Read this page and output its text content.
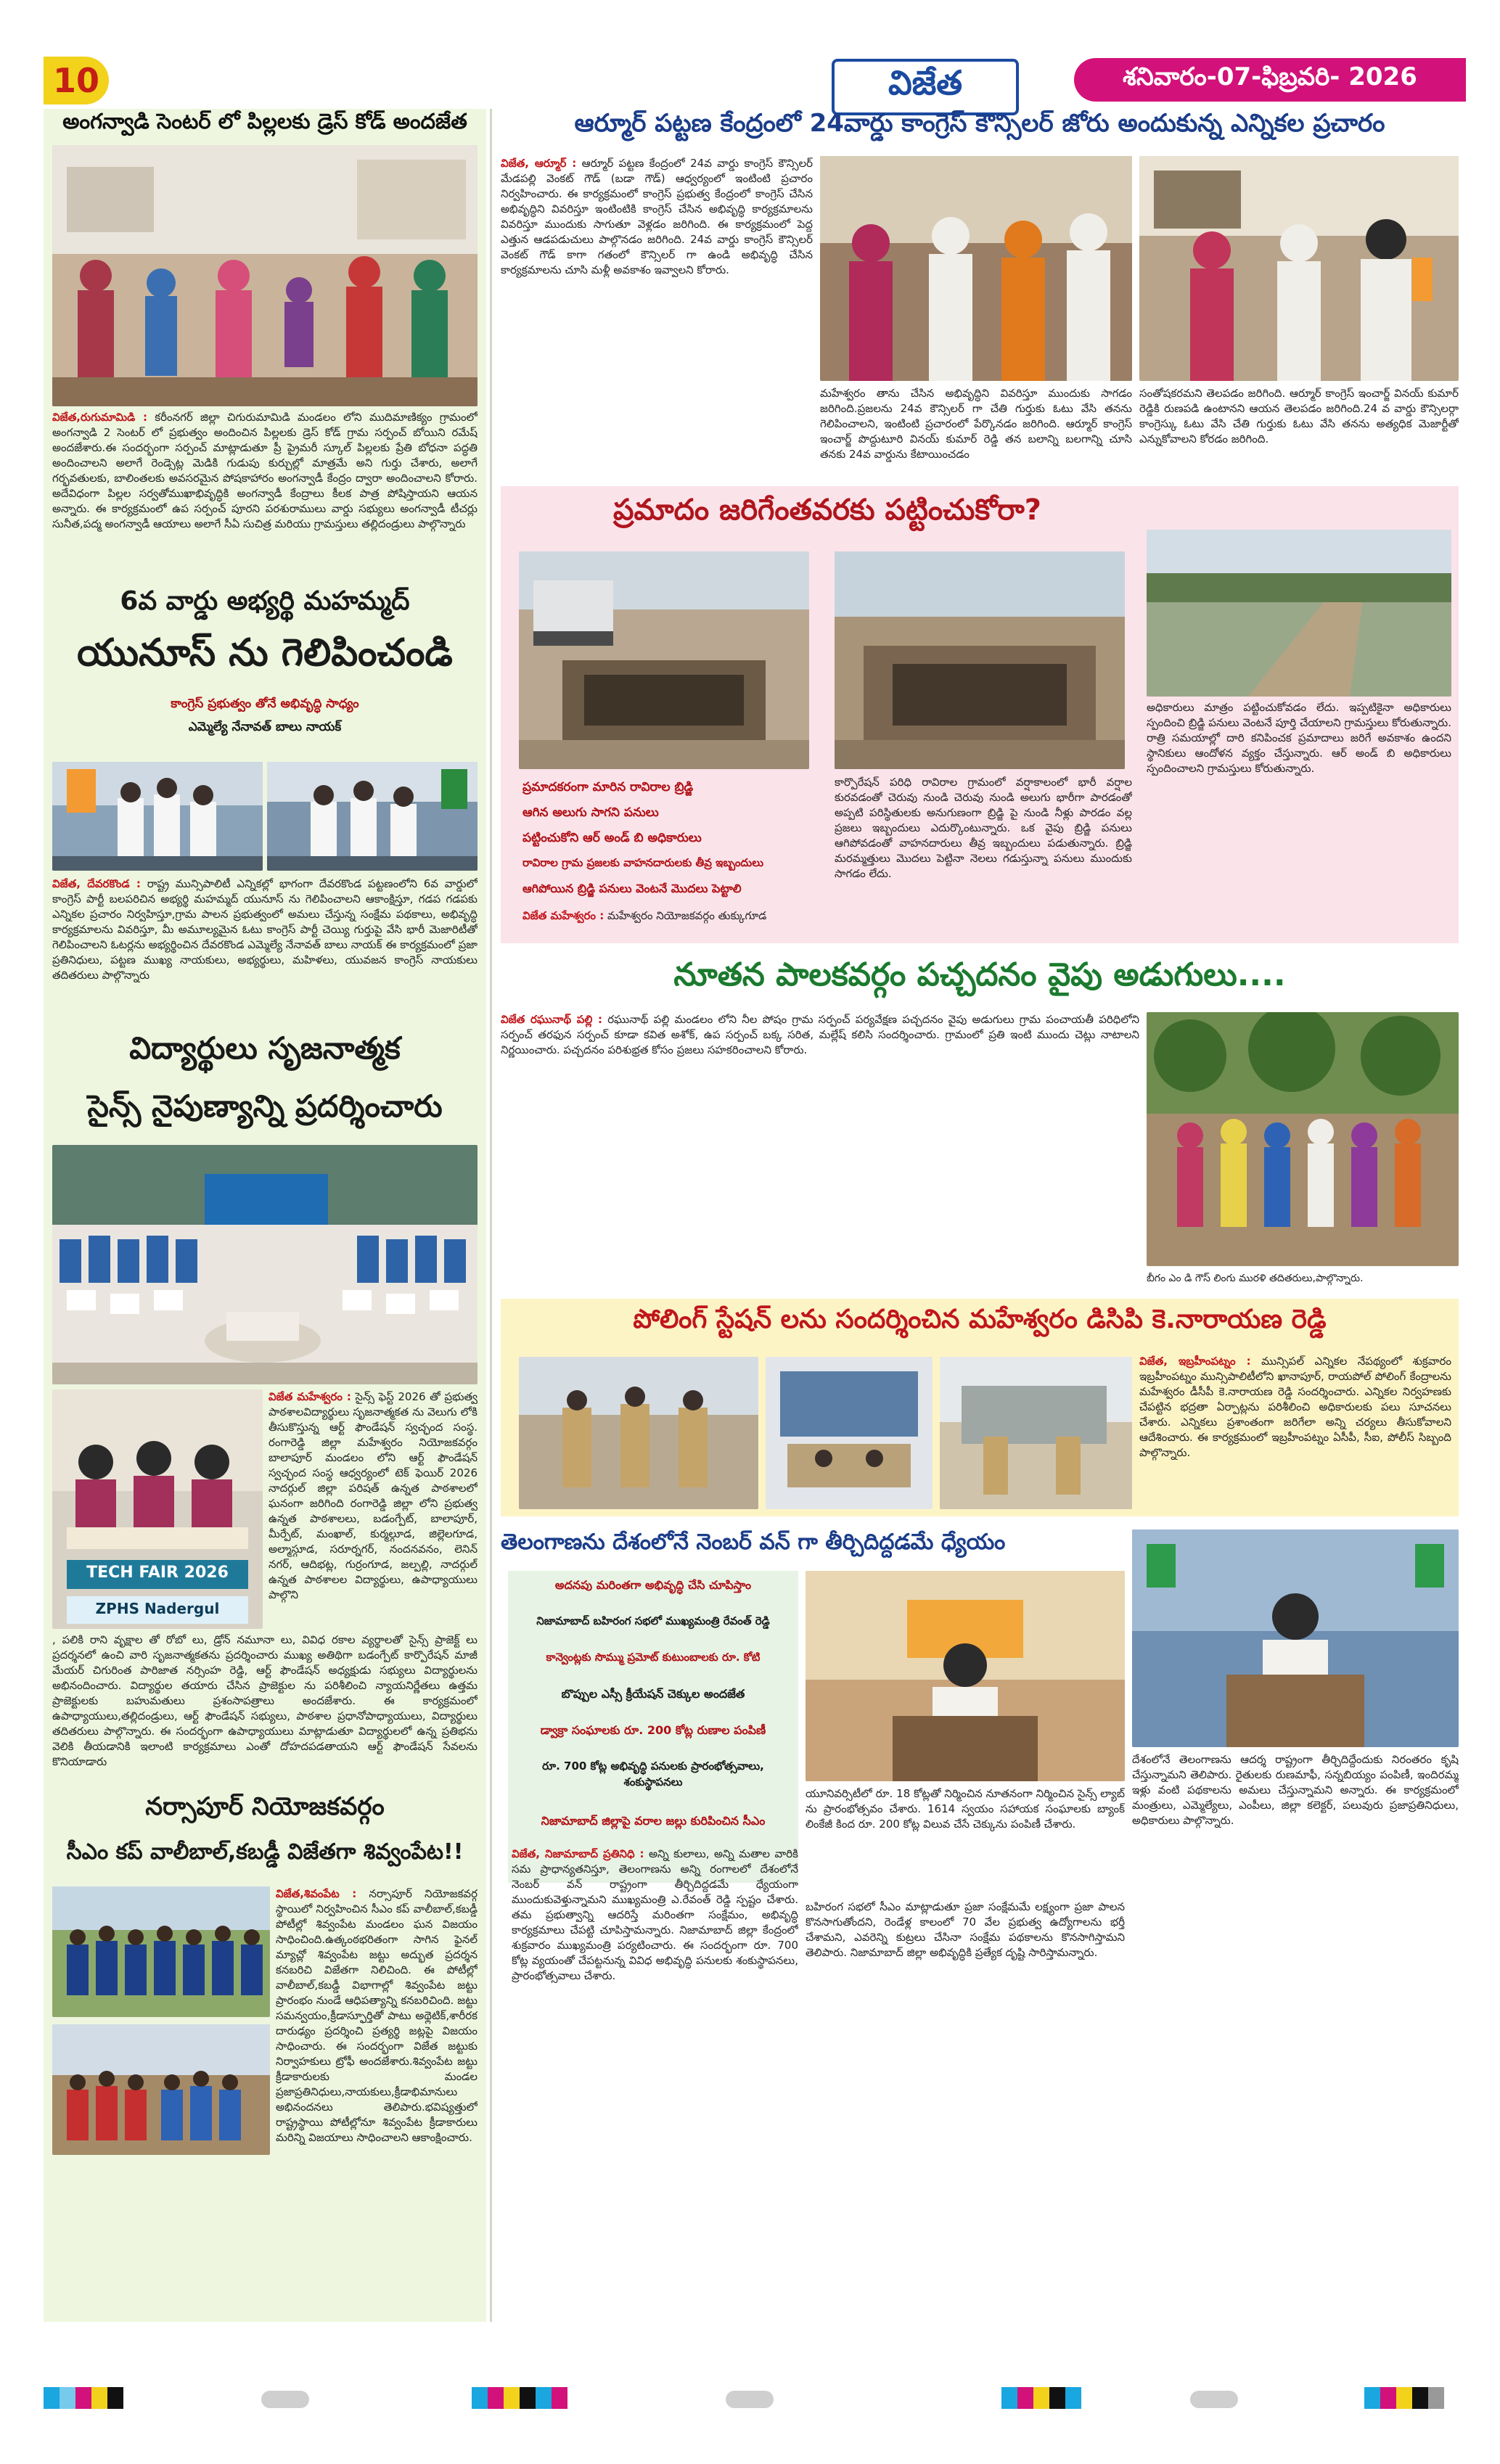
10	విజేత	శనివారం-07-ఫిబ్రవరి- 2026
అంగన్వాడి సెంటర్ లో పిల్లలకు డ్రెస్ కోడ్ అందజేత
విజేత,రుగుమామిడి : కరీంనగర్ జిల్లా చిగురుమామిడి మండలం లోని ముదిమాణిక్యం గ్రామంలో అంగన్వాడి 2 సెంటర్ లో ప్రభుత్వం అందించిన పిల్లలకు డ్రెస్ కోడ్ గ్రామ సర్పంచ్ బోయిని రమేష్ అందజేశారు.ఈ సందర్భంగా సర్పంచ్ మాట్లాడుతూ ప్రీ ప్రైమరీ స్కూల్ పిల్లలకు ప్రేతి బోధనా పద్ధతి అందించాలని అలాగే రెండ్సెట్ల మెడికి గుడుపు కుర్చుల్లో మాత్రమే అని గుర్తు చేశారు, అలాగే గర్భవతులకు, బాలింతలకు అవసరమైన పోషకాహారం అంగన్వాడీ కేంద్రం ద్వారా అందించాలని కోరారు. అదేవిధంగా పిల్లల సర్వతోముఖాభివృద్ధికి అంగన్వాడీ కేంద్రాలు కీలక పాత్ర పోషిస్తాయని ఆయన అన్నారు. ఈ కార్యక్రమంలో ఉప సర్పంచ్ పూరని పరశురాములు వార్డు సభ్యులు అంగన్వాడీ టీచర్లు సునీత,పద్మ అంగన్వాడీ ఆయాలు అలాగే సీఏ సుచిత్ర మరియు గ్రామస్తులు తల్లిదండ్రులు పాల్గొన్నారు
6వ వార్డు అభ్యర్థి మహమ్మద్
యునూస్ ను గెలిపించండి
కాంగ్రెస్ ప్రభుత్వం తోనే అభివృద్ధి సాధ్యం
ఎమ్మెల్యే నేనావత్ బాలు నాయక్
విజేత, దేవరకొండ : రాష్ట్ర మున్సిపాలిటీ ఎన్నికల్లో భాగంగా దేవరకొండ పట్టణంలోని 6వ వార్డులో కాంగ్రెస్ పార్టీ బలపరిచిన అభ్యర్థి మహమ్మద్ యునూస్ ను గెలిపించాలని ఆకాంక్షిస్తూ, గడప గడపకు ఎన్నికల ప్రచారం నిర్వహిస్తూ,గ్రామ పాలన ప్రభుత్వంలో అమలు చేస్తున్న సంక్షేమ పథకాలు, అభివృద్ధి కార్యక్రమాలను వివరిస్తూ, మీ అమూల్యమైన ఓటు కాంగ్రెస్ పార్టీ చెయ్యి గుర్తుపై వేసి భారీ మెజారిటీతో గెలిపించాలని ఓటర్లను అభ్యర్థించిన దేవరకొండ ఎమ్మెల్యే నేనావత్ బాలు నాయక్ ఈ కార్యక్రమంలో ప్రజా ప్రతినిధులు, పట్టణ ముఖ్య నాయకులు, అభ్యర్థులు, మహిళలు, యువజన కాంగ్రెస్ నాయకులు తదితరులు పాల్గొన్నారు
విద్యార్థులు సృజనాత్మక
సైన్స్ నైపుణ్యాన్ని ప్రదర్శించారు
TECH FAIR 2026
ZPHS Nadergul
విజేత మహేశ్వరం : సైన్స్ ఫెస్ట్ 2026 తో ప్రభుత్వ పాఠశాలవిద్యార్థులు సృజనాత్మకత ను వెలుగు లోకి తీసుకొస్తున్న ఆర్ట్ ఫౌండేషన్ స్వచ్ఛంద సంస్థ. రంగారెడ్డి జిల్లా మహేశ్వరం నియోజకవర్గం బాలాపూర్ మండలం లోని ఆర్ట్ ఫౌండేషన్ స్వచ్ఛంద సంస్థ ఆధ్వర్యంలో టెక్ ఫెయిర్ 2026 నాదర్గుల్ జిల్లా పరిషత్ ఉన్నత పాఠశాలలో ఘనంగా జరిగింది రంగారెడ్డి జిల్లా లోని ప్రభుత్వ ఉన్నత పాఠశాలలు, బడంగ్పేట్, బాలాపూర్, మీర్పేట్, మంఖాల్, కుర్మల్గూడ, జిల్లెలగూడ, అల్మాస్గూడ, సరూర్నగర్, నందనవనం, లెనిన్ నగర్, ఆదిభట్ల, గుర్రంగూడ, జల్పల్లి, నాదర్గుల్ ఉన్నత పాఠశాలల విద్యార్థులు, ఉపాధ్యాయులు పాల్గొని
, పలికి రాని వృక్షాల తో రోబో లు, డ్రోన్ నమూనా లు, వివిధ రకాల వ్యర్థాలతో సైన్స్ ప్రాజెక్ట్ లు ప్రదర్శనలో ఉంచి వారి సృజనాత్మకతను ప్రదర్శించారు ముఖ్య అతిథిగా బడంగ్పేట్ కార్పొరేషన్ మాజీ మేయర్ చిగురింత పారిజాత నర్సింహ రెడ్డి, ఆర్ట్ ఫౌండేషన్ అధ్యక్షుడు సభ్యులు విద్యార్థులను అభినందించారు. విద్యార్థుల తయారు చేసిన ప్రాజెక్టుల ను పరిశీలించి న్యాయనిర్ణేతలు ఉత్తమ ప్రాజెక్టులకు బహుమతులు ప్రశంసాపత్రాలు అందజేశారు. ఈ కార్యక్రమంలో ఉపాధ్యాయులు,తల్లిదండ్రులు, ఆర్ట్ ఫౌండేషన్ సభ్యులు, పాఠశాల ప్రధానోపాధ్యాయులు, విద్యార్థులు తదితరులు పాల్గొన్నారు. ఈ సందర్భంగా ఉపాధ్యాయులు మాట్లాడుతూ విద్యార్థులలో ఉన్న ప్రతిభను వెలికి తీయడానికి ఇలాంటి కార్యక్రమాలు ఎంతో దోహదపడతాయని ఆర్ట్ ఫౌండేషన్ సేవలను కొనియాడారు
నర్సాపూర్ నియోజకవర్గం
సీఎం కప్ వాలీబాల్,కబడ్డీ విజేతగా శివ్వంపేట!!
విజేత,శివంపేట : నర్సాపూర్ నియోజకవర్గ స్థాయిలో నిర్వహించిన సీఎం కప్ వాలీబాల్,కబడ్డీ పోటీల్లో శివ్వంపేట మండలం ఘన విజయం సాధించింది.ఉత్కంఠభరితంగా సాగిన ఫైనల్ మ్యాచ్లో శివ్వంపేట జట్టు అద్భుత ప్రదర్శన కనబరిచి విజేతగా నిలిచింది. ఈ పోటీల్లో వాలీబాల్,కబడ్డీ విభాగాల్లో శివ్వంపేట జట్టు ప్రారంభం నుండే ఆధిపత్యాన్ని కనబరిచింది. జట్టు సమన్వయం,క్రీడాస్ఫూర్తితో పాటు అథ్లెటిక్,శారీరక దారుఢ్యం ప్రదర్శించి ప్రత్యర్థి జట్లపై విజయం సాధించారు. ఈ సందర్భంగా విజేత జట్టుకు నిర్వాహకులు ట్రోఫీ అందజేశారు.శివ్వంపేట జట్టు క్రీడాకారులకు మండల ప్రజాప్రతినిధులు,నాయకులు,క్రీడాభిమానులు అభినందనలు తెలిపారు.భవిష్యత్తులో రాష్ట్రస్థాయి పోటీల్లోనూ శివ్వంపేట క్రీడాకారులు మరిన్ని విజయాలు సాధించాలని ఆకాంక్షించారు.
ఆర్మూర్ పట్టణ కేంద్రంలో 24వార్డు కాంగ్రెస్ కౌన్సిలర్ జోరు అందుకున్న ఎన్నికల ప్రచారం
విజేత, ఆర్మూర్ : ఆర్మూర్ పట్టణ కేంద్రంలో 24వ వార్డు కాంగ్రెస్ కౌన్సిలర్ మేడపల్లి వెంకట్ గౌడ్ (బడా గౌడ్) ఆధ్వర్యంలో ఇంటింటి ప్రచారం నిర్వహించారు. ఈ కార్యక్రమంలో కాంగ్రెస్ ప్రభుత్వ కేంద్రంలో కాంగ్రెస్ చేసిన అభివృద్ధిని వివరిస్తూ ఇంటింటికి కాంగ్రెస్ చేసిన అభివృద్ధి కార్యక్రమాలను వివరిస్తూ ముందుకు సాగుతూ వెళ్లడం జరిగింది. ఈ కార్యక్రమంలో పెద్ద ఎత్తున ఆడపడుచులు పాల్గొనడం జరిగింది. 24వ వార్డు కాంగ్రెస్ కౌన్సిలర్ వెంకట్ గౌడ్ కాగా గతంలో కౌన్సిలర్ గా ఉండి అభివృద్ధి చేసిన కార్యక్రమాలను చూసి మళ్లీ అవకాశం ఇవ్వాలని కోరారు.
మహేశ్వరం తాను చేసిన అభివృద్ధిని వివరిస్తూ ముందుకు సాగడం జరిగింది.ప్రజలను 24వ కౌన్సిలర్ గా చేతి గుర్తుకు ఓటు వేసి తనను గెలిపించాలని, ఇంటింటి ప్రచారంలో పేర్కొనడం జరిగింది. ఆర్మూర్ కాంగ్రెస్ ఇంచార్జ్ పొద్దుటూరి వినయ్ కుమార్ రెడ్డి తన బలాన్ని బలగాన్ని చూసి తనకు 24వ వార్డును కేటాయించడం
సంతోషకరమని తెలపడం జరిగింది. ఆర్మూర్ కాంగ్రెస్ ఇంచార్జ్ వినయ్ కుమార్ రెడ్డికి రుణపడి ఉంటానని ఆయన తెలపడం జరిగింది.24 వ వార్డు కౌన్సిలర్గా కాంగ్రెస్కు ఓటు వేసి చేతి గుర్తుకు ఓటు వేసి తనను అత్యధిక మెజార్టీతో ఎన్నుకోవాలని కోరడం జరిగింది.
ప్రమాదం జరిగేంతవరకు పట్టించుకోరా?
అధికారులు మాత్రం పట్టించుకోవడం లేదు. ఇప్పటికైనా అధికారులు స్పందించి బ్రిడ్జి పనులు వెంటనే పూర్తి చేయాలని గ్రామస్తులు కోరుతున్నారు. రాత్రి సమయాల్లో దారి కనిపించక ప్రమాదాలు జరిగే అవకాశం ఉందని స్థానికులు ఆందోళన వ్యక్తం చేస్తున్నారు. ఆర్ అండ్ బి అధికారులు స్పందించాలని గ్రామస్తులు కోరుతున్నారు.
ప్రమాదకరంగా మారిన రావిరాల బ్రిడ్జి
ఆగిన అలుగు సాగని పనులు
పట్టించుకోని ఆర్ అండ్ బి అధికారులు
రావిరాల గ్రామ ప్రజలకు వాహనదారులకు తీవ్ర ఇబ్బందులు
ఆగిపోయిన బ్రిడ్జి పనులు వెంటనే మొదలు పెట్టాలి
విజేత మహేశ్వరం : మహేశ్వరం నియోజకవర్గం తుక్కుగూడ
కార్పొరేషన్ పరిధి రావిరాల గ్రామంలో వర్షాకాలంలో భారీ వర్షాల కురవడంతో చెరువు నుండి చెరువు నుండి అలుగు భారీగా పారడంతో అప్పటి పరిస్థితులకు అనుగుణంగా బ్రిడ్జి పై నుండి నీళ్లు పారడం వల్ల ప్రజలు ఇబ్బందులు ఎదుర్కొంటున్నారు. ఒక వైపు బ్రిడ్జి పనులు ఆగిపోవడంతో వాహనదారులు తీవ్ర ఇబ్బందులు పడుతున్నారు. బ్రిడ్జి మరమ్మత్తులు మొదలు పెట్టినా నెలలు గడుస్తున్నా పనులు ముందుకు సాగడం లేదు.
నూతన పాలకవర్గం పచ్చదనం వైపు అడుగులు....
విజేత రఘునాథ్ పల్లి : రఘునాథ్ పల్లి మండలం లోని నీల పోషం గ్రామ సర్పంచ్ పర్యవేక్షణ పచ్చదనం వైపు అడుగులు గ్రామ పంచాయతీ పరిధిలోని సర్పంచ్ తరఫున సర్పంచ్ కూడా కవిత అశోక్, ఉప సర్పంచ్ బక్క సరిత, మల్లేష్ కలిసి సందర్శించారు. గ్రామంలో ప్రతి ఇంటి ముందు చెట్లు నాటాలని నిర్ణయించారు. పచ్చదనం పరిశుభ్రత కోసం ప్రజలు సహకరించాలని కోరారు.
బీగం ఎం డి గౌస్ లింగు మురళి తదితరులు,పాల్గొన్నారు.
పోలింగ్ స్టేషన్ లను సందర్శించిన మహేశ్వరం డిసిపి కె.నారాయణ రెడ్డి
విజేత, ఇబ్రహీంపట్నం : మున్సిపల్ ఎన్నికల నేపథ్యంలో శుక్రవారం ఇబ్రహీంపట్నం మున్సిపాలిటీలోని ఖానాపూర్, రాయపోల్ పోలింగ్ కేంద్రాలను మహేశ్వరం డీసీపీ కె.నారాయణ రెడ్డి సందర్శించారు. ఎన్నికల నిర్వహణకు చేపట్టిన భద్రతా ఏర్పాట్లను పరిశీలించి అధికారులకు పలు సూచనలు చేశారు. ఎన్నికలు ప్రశాంతంగా జరిగేలా అన్ని చర్యలు తీసుకోవాలని ఆదేశించారు. ఈ కార్యక్రమంలో ఇబ్రహీంపట్నం ఏసీపీ, సీఐ, పోలీస్ సిబ్బంది పాల్గొన్నారు.
తెలంగాణను దేశంలోనే నెంబర్ వన్ గా తీర్చిదిద్దడమే ధ్యేయం
అదనపు మరింతగా అభివృద్ధి చేసి చూపిస్తాం
నిజామాబాద్ బహిరంగ సభలో ముఖ్యమంత్రి రేవంత్ రెడ్డి
కాన్వెంట్లకు సొమ్ము ప్రమోట్ కుటుంబాలకు రూ. కోటి
బొప్పుల ఎస్సీ క్రీయేషన్ చెక్కుల అందజేత
డ్వాక్రా సంఘాలకు రూ. 200 కోట్ల రుణాల పంపిణీ
రూ. 700 కోట్ల అభివృద్ధి పనులకు ప్రారంభోత్సవాలు, శంకుస్థాపనలు
నిజామాబాద్ జిల్లాపై వరాల జల్లు కురిపించిన సీఎం
విజేత, నిజామాబాద్ ప్రతినిధి : అన్ని కులాలు, అన్ని మతాల వారికి సమ ప్రాధాన్యతనిస్తూ, తెలంగాణను అన్ని రంగాలలో దేశంలోనే నెంబర్ వన్ రాష్ట్రంగా తీర్చిదిద్దడమే ధ్యేయంగా ముందుకువెళ్తున్నామని ముఖ్యమంత్రి ఎ.రేవంత్ రెడ్డి స్పష్టం చేశారు. తమ ప్రభుత్వాన్ని ఆదరిస్తే మరింతగా సంక్షేమం, అభివృద్ధి కార్యక్రమాలు చేపట్టి చూపిస్తామన్నారు. నిజామాబాద్ జిల్లా కేంద్రంలో శుక్రవారం ముఖ్యమంత్రి పర్యటించారు. ఈ సందర్భంగా రూ. 700 కోట్ల వ్యయంతో చేపట్టనున్న వివిధ అభివృద్ధి పనులకు శంకుస్థాపనలు, ప్రారంభోత్సవాలు చేశారు.
యూనివర్సిటీలో రూ. 18 కోట్లతో నిర్మించిన నూతనంగా నిర్మించిన సైన్స్ ల్యాబ్ ను ప్రారంభోత్సవం చేశారు. 1614 స్వయం సహాయక సంఘాలకు బ్యాంక్ లింకేజీ కింద రూ. 200 కోట్ల విలువ చేసే చెక్కును పంపిణీ చేశారు.
బహిరంగ సభలో సీఎం మాట్లాడుతూ ప్రజా సంక్షేమమే లక్ష్యంగా ప్రజా పాలన కొనసాగుతోందని, రెండేళ్ల కాలంలో 70 వేల ప్రభుత్వ ఉద్యోగాలను భర్తీ చేశామని, ఎవరెన్ని కుట్రలు చేసినా సంక్షేమ పథకాలను కొనసాగిస్తామని తెలిపారు. నిజామాబాద్ జిల్లా అభివృద్ధికి ప్రత్యేక దృష్టి సారిస్తామన్నారు.
దేశంలోనే తెలంగాణను ఆదర్శ రాష్ట్రంగా తీర్చిదిద్దేందుకు నిరంతరం కృషి చేస్తున్నామని తెలిపారు. రైతులకు రుణమాఫీ, సన్నబియ్యం పంపిణీ, ఇందిరమ్మ ఇళ్లు వంటి పథకాలను అమలు చేస్తున్నామని అన్నారు. ఈ కార్యక్రమంలో మంత్రులు, ఎమ్మెల్యేలు, ఎంపీలు, జిల్లా కలెక్టర్, పలువురు ప్రజాప్రతినిధులు, అధికారులు పాల్గొన్నారు.
